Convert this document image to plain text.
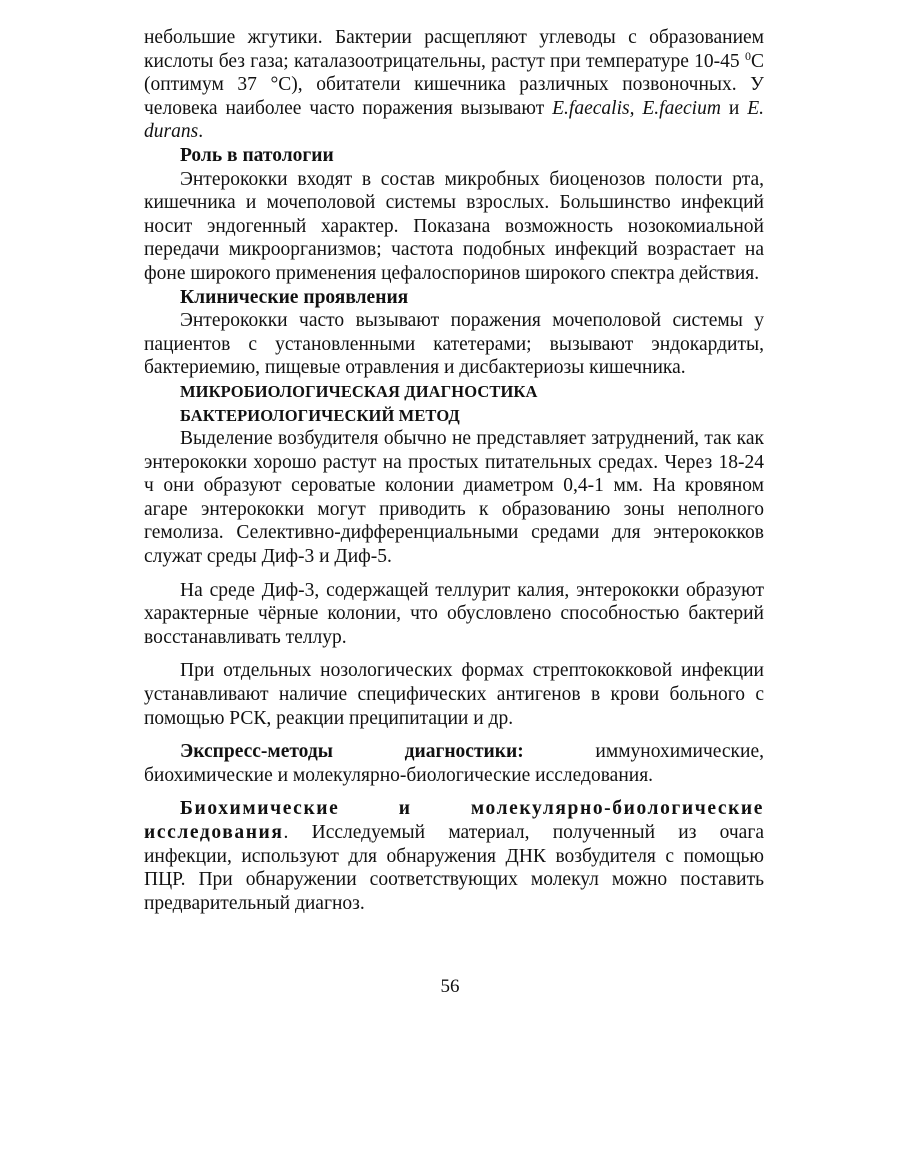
небольшие жгутики. Бактерии расщепляют углеводы с образованием кислоты без газа; каталазоотрицательны, растут при температуре 10-45 $^0$С (оптимум 37 °С), обитатели кишечника различных позвоночных. У человека наиболее часто поражения вызывают E.faecalis, E.faecium и E. durans.

Роль в патологии

Энтерококки входят в состав микробных биоценозов полости рта, кишечника и мочеполовой системы взрослых. Большинство инфекций носит эндогенный характер. Показана возможность нозокомиальной передачи микроорганизмов; частота подобных инфекций возрастает на фоне широкого применения цефалоспоринов широкого спектра действия.

Клинические проявления

Энтерококки часто вызывают поражения мочеполовой системы у пациентов с установленными катетерами; вызывают эндокардиты, бактериемию, пищевые отравления и дисбактериозы кишечника.

МИКРОБИОЛОГИЧЕСКАЯ ДИАГНОСТИКА
БАКТЕРИОЛОГИЧЕСКИЙ МЕТОД

Выделение возбудителя обычно не представляет затруднений, так как энтерококки хорошо растут на простых питательных средах. Через 18-24 ч они образуют сероватые колонии диаметром 0,4-1 мм. На кровяном агаре энтерококки могут приводить к образованию зоны неполного гемолиза. Селективно-дифференциальными средами для энтерококков служат среды Диф-3 и Диф-5.

На среде Диф-3, содержащей теллурит калия, энтерококки образуют характерные чёрные колонии, что обусловлено способностью бактерий восстанавливать теллур.

При отдельных нозологических формах стрептококковой инфекции устанавливают наличие специфических антигенов в крови больного с помощью РСК, реакции преципитации и др.

Экспресс-методы диагностики: иммунохимические, биохимические и молекулярно-биологические исследования.

Биохимические и молекулярно-биологические исследования. Исследуемый материал, полученный из очага инфекции, используют для обнаружения ДНК возбудителя с помощью ПЦР. При обнаружении соответствующих молекул можно поставить предварительный диагноз.

56
